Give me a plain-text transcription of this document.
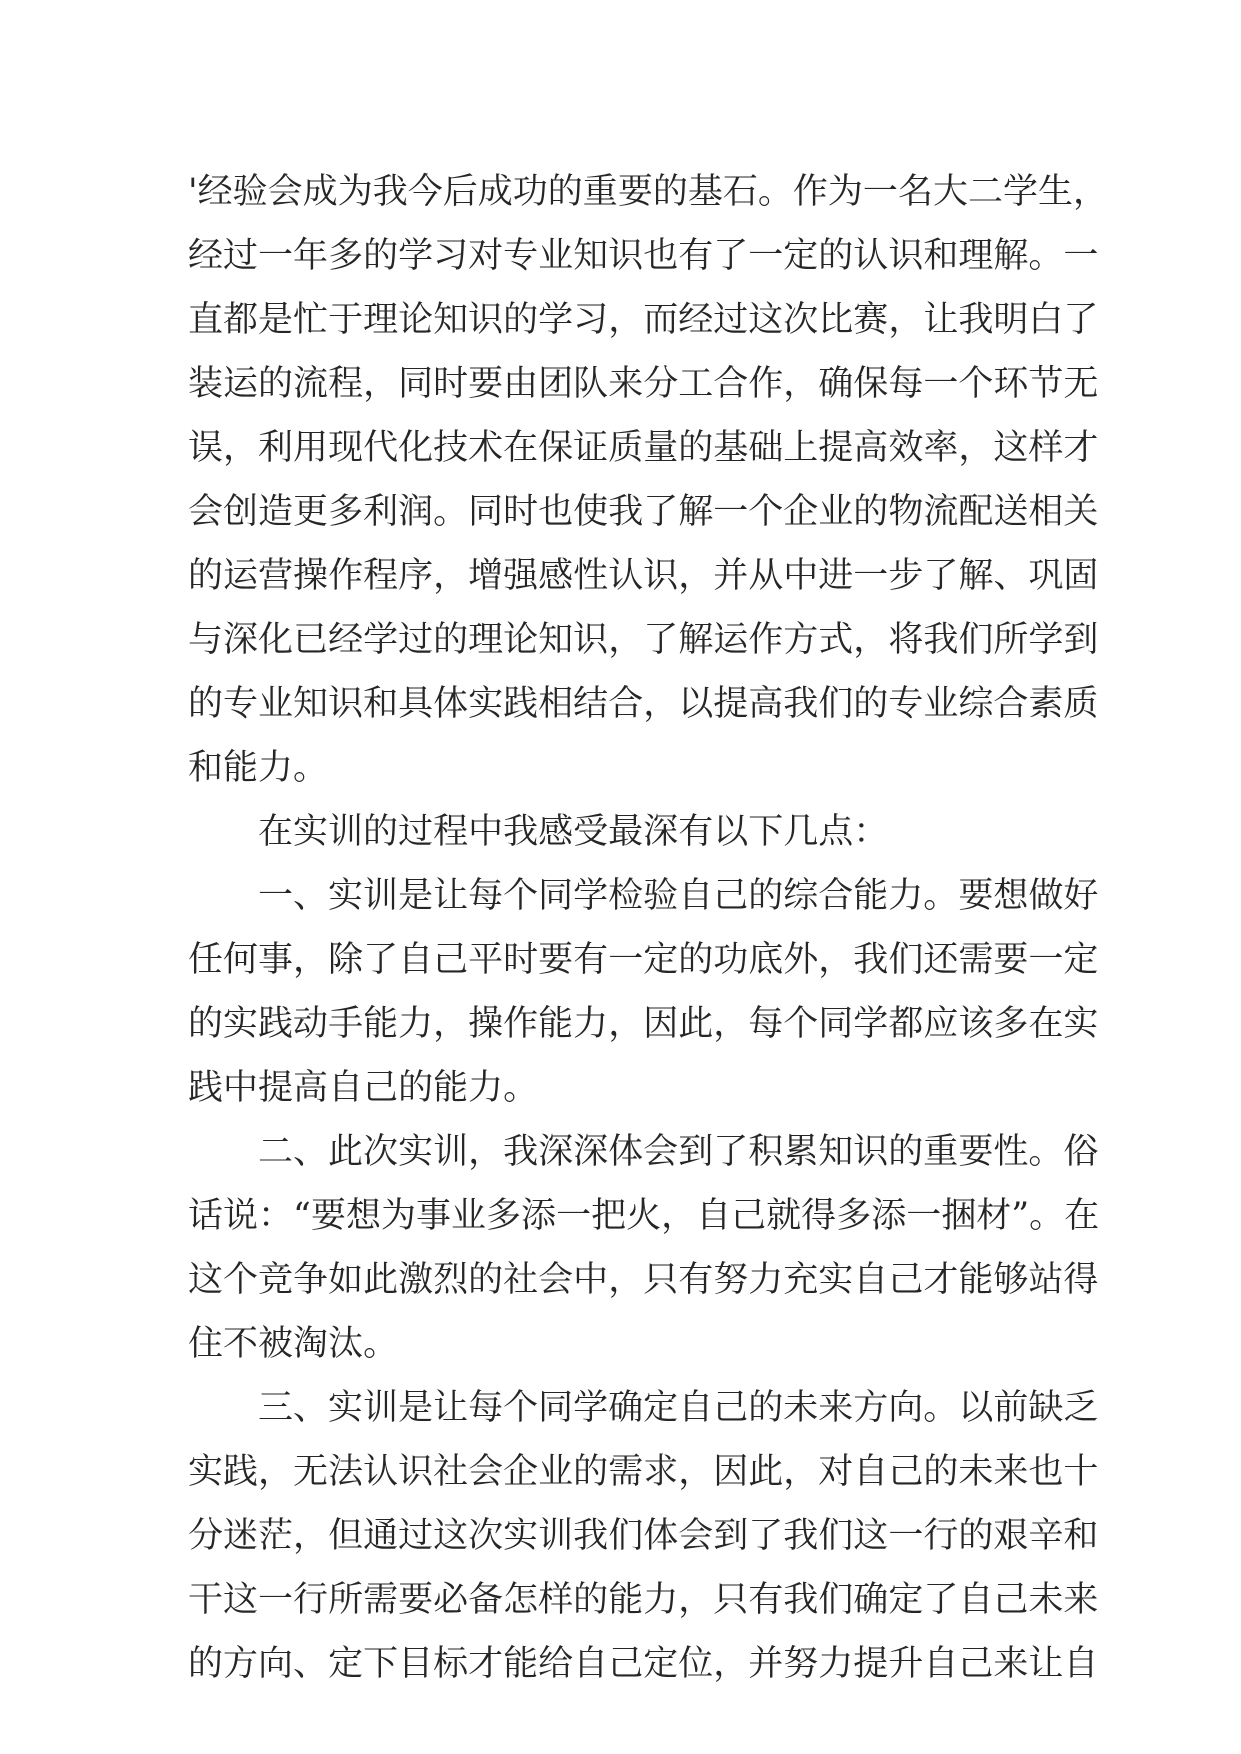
' 经 验 会 成 为 我 今 后 成 功 的 重 要 的 基 石 。 作 为 一 名 大 二 学 生 ，
经 过 一 年 多 的 学 习 对 专 业 知 识 也 有 了 一 定 的 认 识 和 理 解 。 一
直 都 是 忙 于 理 论 知 识 的 学 习 ， 而 经 过 这 次 比 赛 ， 让 我 明 白 了
装 运 的 流 程 ， 同 时 要 由 团 队 来 分 工 合 作 ， 确 保 每 一 个 环 节 无
误 ， 利 用 现 代 化 技 术 在 保 证 质 量 的 基 础 上 提 高 效 率 ， 这 样 才
会 创 造 更 多 利 润 。 同 时 也 使 我 了 解 一 个 企 业 的 物 流 配 送 相 关
的 运 营 操 作 程 序 ， 增 强 感 性 认 识 ， 并 从 中 进 一 步 了 解 、 巩 固
与 深 化 已 经 学 过 的 理 论 知 识 ， 了 解 运 作 方 式 ， 将 我 们 所 学 到
的 专 业 知 识 和 具 体 实 践 相 结 合 ， 以 提 高 我 们 的 专 业 综 合 素 质
和 能 力 。
在 实 训 的 过 程 中 我 感 受 最 深 有 以 下 几 点 ：
一 、 实 训 是 让 每 个 同 学 检 验 自 己 的 综 合 能 力 。 要 想 做 好
任 何 事 ， 除 了 自 己 平 时 要 有 一 定 的 功 底 外 ， 我 们 还 需 要 一 定
的 实 践 动 手 能 力 ， 操 作 能 力 ， 因 此 ， 每 个 同 学 都 应 该 多 在 实
践 中 提 高 自 己 的 能 力 。
二 、 此 次 实 训 ， 我 深 深 体 会 到 了 积 累 知 识 的 重 要 性 。 俗
话 说 ： “ 要 想 为 事 业 多 添 一 把 火 ， 自 己 就 得 多 添 一 捆 材 ” 。 在
这 个 竞 争 如 此 激 烈 的 社 会 中 ， 只 有 努 力 充 实 自 己 才 能 够 站 得
住 不 被 淘 汰 。
三 、 实 训 是 让 每 个 同 学 确 定 自 己 的 未 来 方 向 。 以 前 缺 乏
实 践 ， 无 法 认 识 社 会 企 业 的 需 求 ， 因 此 ， 对 自 己 的 未 来 也 十
分 迷 茫 ， 但 通 过 这 次 实 训 我 们 体 会 到 了 我 们 这 一 行 的 艰 辛 和
干 这 一 行 所 需 要 必 备 怎 样 的 能 力 ， 只 有 我 们 确 定 了 自 己 未 来
的 方 向 、 定 下 目 标 才 能 给 自 己 定 位 ， 并 努 力 提 升 自 己 来 让 自
